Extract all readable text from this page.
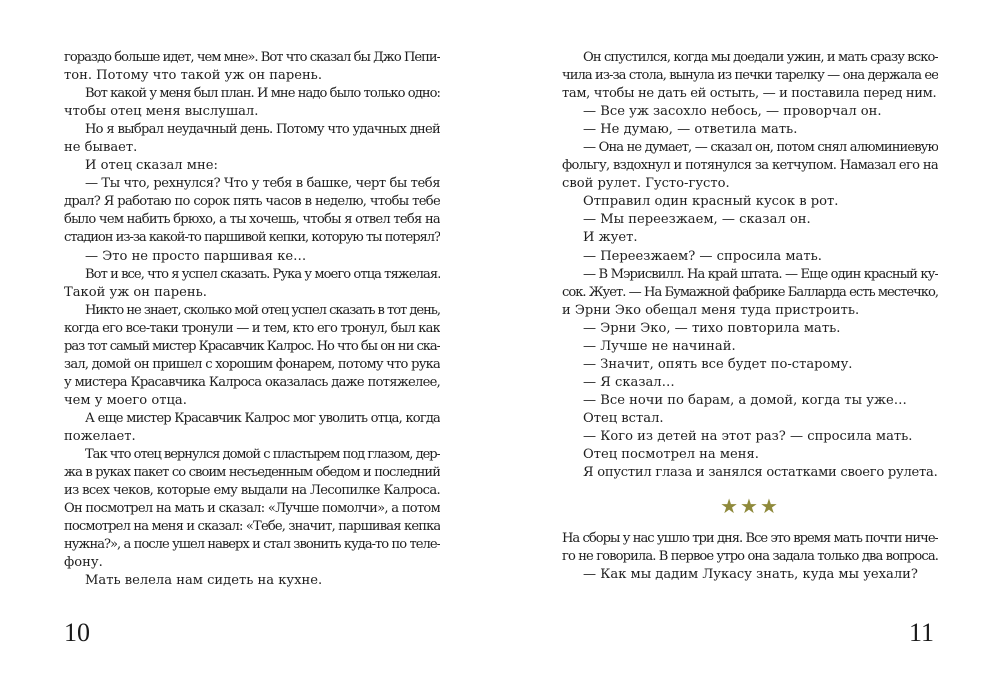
гораздо больше идет, чем мне». Вот что сказал бы Джо Пепи-
тон. Потому что такой уж он парень.
Вот какой у меня был план. И мне надо было только одно:
чтобы отец меня выслушал.
Но я выбрал неудачный день. Потому что удачных дней
не бывает.
И отец сказал мне:
— Ты что, рехнулся? Что у тебя в башке, черт бы тебя
драл? Я работаю по сорок пять часов в неделю, чтобы тебе
было чем набить брюхо, а ты хочешь, чтобы я отвел тебя на
стадион из-за какой-то паршивой кепки, которую ты потерял?
— Это не просто паршивая ке…
Вот и все, что я успел сказать. Рука у моего отца тяжелая.
Такой уж он парень.
Никто не знает, сколько мой отец успел сказать в тот день,
когда его все-таки тронули — и тем, кто его тронул, был как
раз тот самый мистер Красавчик Калрос. Но что бы он ни ска-
зал, домой он пришел с хорошим фонарем, потому что рука
у мистера Красавчика Калроса оказалась даже потяжелее,
чем у моего отца.
А еще мистер Красавчик Калрос мог уволить отца, когда
пожелает.
Так что отец вернулся домой с пластырем под глазом, дер-
жа в руках пакет со своим несъеденным обедом и последний
из всех чеков, которые ему выдали на Лесопилке Калроса.
Он посмотрел на мать и сказал: «Лучше помолчи», а потом
посмотрел на меня и сказал: «Тебе, значит, паршивая кепка
нужна?», а после ушел наверх и стал звонить куда-то по теле-
фону.
Мать велела нам сидеть на кухне.
Он спустился, когда мы доедали ужин, и мать сразу вско-
чила из-за стола, вынула из печки тарелку — она держала ее
там, чтобы не дать ей остыть, — и поставила перед ним.
— Все уж засохло небось, — проворчал он.
— Не думаю, — ответила мать.
— Она не думает, — сказал он, потом снял алюминиевую
фольгу, вздохнул и потянулся за кетчупом. Намазал его на
свой рулет. Густо-густо.
Отправил один красный кусок в рот.
— Мы переезжаем, — сказал он.
И жует.
— Переезжаем? — спросила мать.
— В Мэрисвилл. На край штата. — Еще один красный ку-
сок. Жует. — На Бумажной фабрике Балларда есть местечко,
и Эрни Эко обещал меня туда пристроить.
— Эрни Эко, — тихо повторила мать.
— Лучше не начинай.
— Значит, опять все будет по-старому.
— Я сказал…
— Все ночи по барам, а домой, когда ты уже…
Отец встал.
— Кого из детей на этот раз? — спросила мать.
Отец посмотрел на меня.
Я опустил глаза и занялся остатками своего рулета.
★★★
На сборы у нас ушло три дня. Все это время мать почти ниче-
го не говорила. В первое утро она задала только два вопроса.
— Как мы дадим Лукасу знать, куда мы уехали?
10	11
